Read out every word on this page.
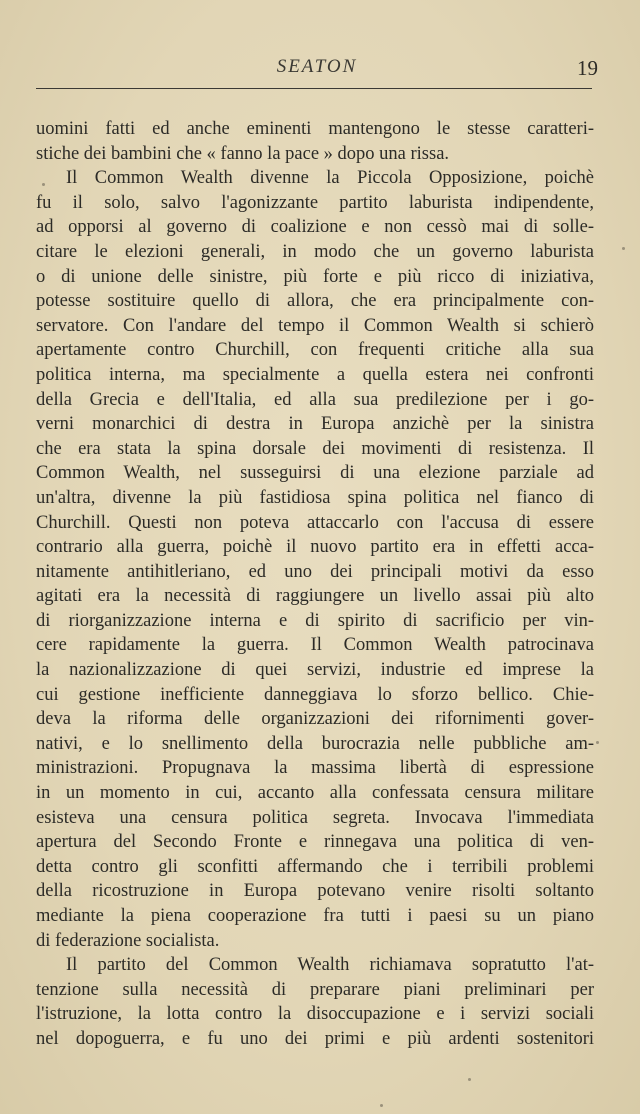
SEATON	19
uomini fatti ed anche eminenti mantengono le stesse caratteri-
stiche dei bambini che « fanno la pace » dopo una rissa.
Il Common Wealth divenne la Piccola Opposizione, poichè
fu il solo, salvo l'agonizzante partito laburista indipendente,
ad opporsi al governo di coalizione e non cessò mai di solle-
citare le elezioni generali, in modo che un governo laburista
o di unione delle sinistre, più forte e più ricco di iniziativa,
potesse sostituire quello di allora, che era principalmente con-
servatore. Con l'andare del tempo il Common Wealth si schierò
apertamente contro Churchill, con frequenti critiche alla sua
politica interna, ma specialmente a quella estera nei confronti
della Grecia e dell'Italia, ed alla sua predilezione per i go-
verni monarchici di destra in Europa anzichè per la sinistra
che era stata la spina dorsale dei movimenti di resistenza. Il
Common Wealth, nel susseguirsi di una elezione parziale ad
un'altra, divenne la più fastidiosa spina politica nel fianco di
Churchill. Questi non poteva attaccarlo con l'accusa di essere
contrario alla guerra, poichè il nuovo partito era in effetti acca-
nitamente antihitleriano, ed uno dei principali motivi da esso
agitati era la necessità di raggiungere un livello assai più alto
di riorganizzazione interna e di spirito di sacrificio per vin-
cere rapidamente la guerra. Il Common Wealth patrocinava
la nazionalizzazione di quei servizi, industrie ed imprese la
cui gestione inefficiente danneggiava lo sforzo bellico. Chie-
deva la riforma delle organizzazioni dei rifornimenti gover-
nativi, e lo snellimento della burocrazia nelle pubbliche am-
ministrazioni. Propugnava la massima libertà di espressione
in un momento in cui, accanto alla confessata censura militare
esisteva una censura politica segreta. Invocava l'immediata
apertura del Secondo Fronte e rinnegava una politica di ven-
detta contro gli sconfitti affermando che i terribili problemi
della ricostruzione in Europa potevano venire risolti soltanto
mediante la piena cooperazione fra tutti i paesi su un piano
di federazione socialista.
Il partito del Common Wealth richiamava sopratutto l'at-
tenzione sulla necessità di preparare piani preliminari per
l'istruzione, la lotta contro la disoccupazione e i servizi sociali
nel dopoguerra, e fu uno dei primi e più ardenti sostenitori
